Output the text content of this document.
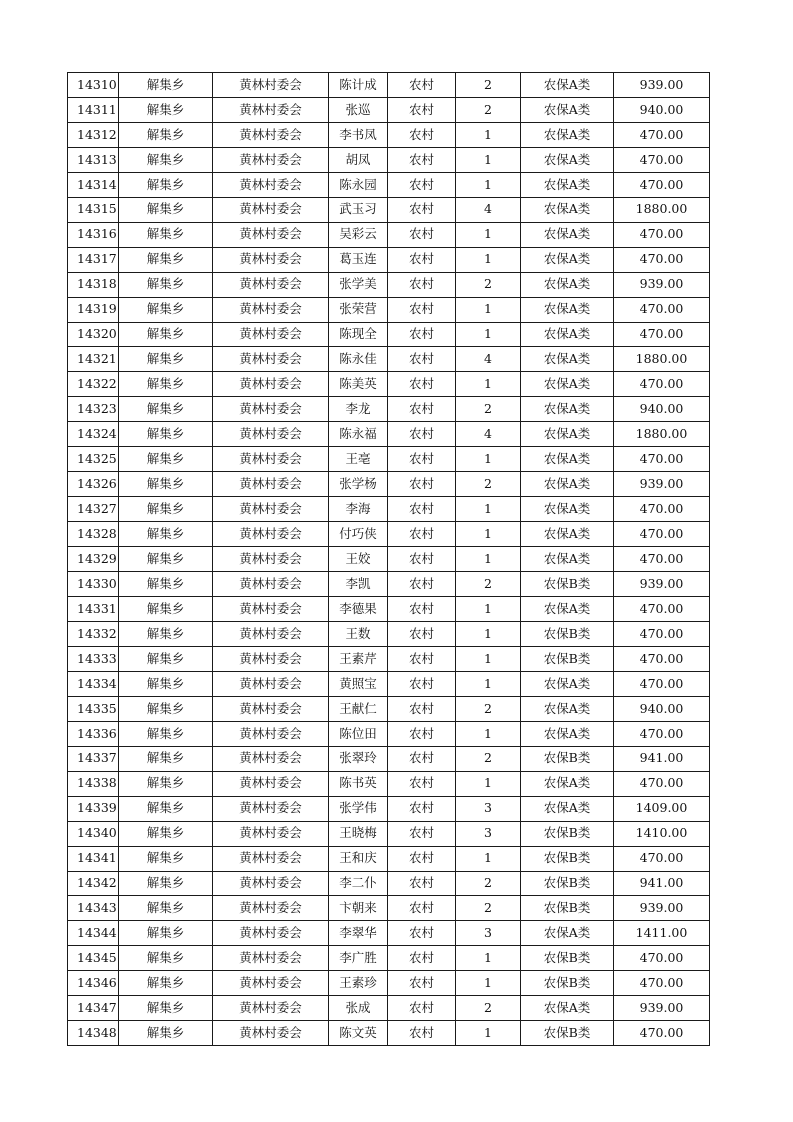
14310	解集乡	黄林村委会	陈计成	农村	2	农保A类	939.00
14311	解集乡	黄林村委会	张巡	农村	2	农保A类	940.00
14312	解集乡	黄林村委会	李书凤	农村	1	农保A类	470.00
14313	解集乡	黄林村委会	胡凤	农村	1	农保A类	470.00
14314	解集乡	黄林村委会	陈永园	农村	1	农保A类	470.00
14315	解集乡	黄林村委会	武玉习	农村	4	农保A类	1880.00
14316	解集乡	黄林村委会	吴彩云	农村	1	农保A类	470.00
14317	解集乡	黄林村委会	葛玉连	农村	1	农保A类	470.00
14318	解集乡	黄林村委会	张学美	农村	2	农保A类	939.00
14319	解集乡	黄林村委会	张荣营	农村	1	农保A类	470.00
14320	解集乡	黄林村委会	陈现全	农村	1	农保A类	470.00
14321	解集乡	黄林村委会	陈永佳	农村	4	农保A类	1880.00
14322	解集乡	黄林村委会	陈美英	农村	1	农保A类	470.00
14323	解集乡	黄林村委会	李龙	农村	2	农保A类	940.00
14324	解集乡	黄林村委会	陈永福	农村	4	农保A类	1880.00
14325	解集乡	黄林村委会	王亳	农村	1	农保A类	470.00
14326	解集乡	黄林村委会	张学杨	农村	2	农保A类	939.00
14327	解集乡	黄林村委会	李海	农村	1	农保A类	470.00
14328	解集乡	黄林村委会	付巧侠	农村	1	农保A类	470.00
14329	解集乡	黄林村委会	王姣	农村	1	农保A类	470.00
14330	解集乡	黄林村委会	李凯	农村	2	农保B类	939.00
14331	解集乡	黄林村委会	李德果	农村	1	农保A类	470.00
14332	解集乡	黄林村委会	王数	农村	1	农保B类	470.00
14333	解集乡	黄林村委会	王素芹	农村	1	农保B类	470.00
14334	解集乡	黄林村委会	黄照宝	农村	1	农保A类	470.00
14335	解集乡	黄林村委会	王献仁	农村	2	农保A类	940.00
14336	解集乡	黄林村委会	陈位田	农村	1	农保A类	470.00
14337	解集乡	黄林村委会	张翠玲	农村	2	农保B类	941.00
14338	解集乡	黄林村委会	陈书英	农村	1	农保A类	470.00
14339	解集乡	黄林村委会	张学伟	农村	3	农保A类	1409.00
14340	解集乡	黄林村委会	王晓梅	农村	3	农保B类	1410.00
14341	解集乡	黄林村委会	王和庆	农村	1	农保B类	470.00
14342	解集乡	黄林村委会	李二仆	农村	2	农保B类	941.00
14343	解集乡	黄林村委会	卞朝来	农村	2	农保B类	939.00
14344	解集乡	黄林村委会	李翠华	农村	3	农保A类	1411.00
14345	解集乡	黄林村委会	李广胜	农村	1	农保B类	470.00
14346	解集乡	黄林村委会	王素珍	农村	1	农保B类	470.00
14347	解集乡	黄林村委会	张成	农村	2	农保A类	939.00
14348	解集乡	黄林村委会	陈文英	农村	1	农保B类	470.00
